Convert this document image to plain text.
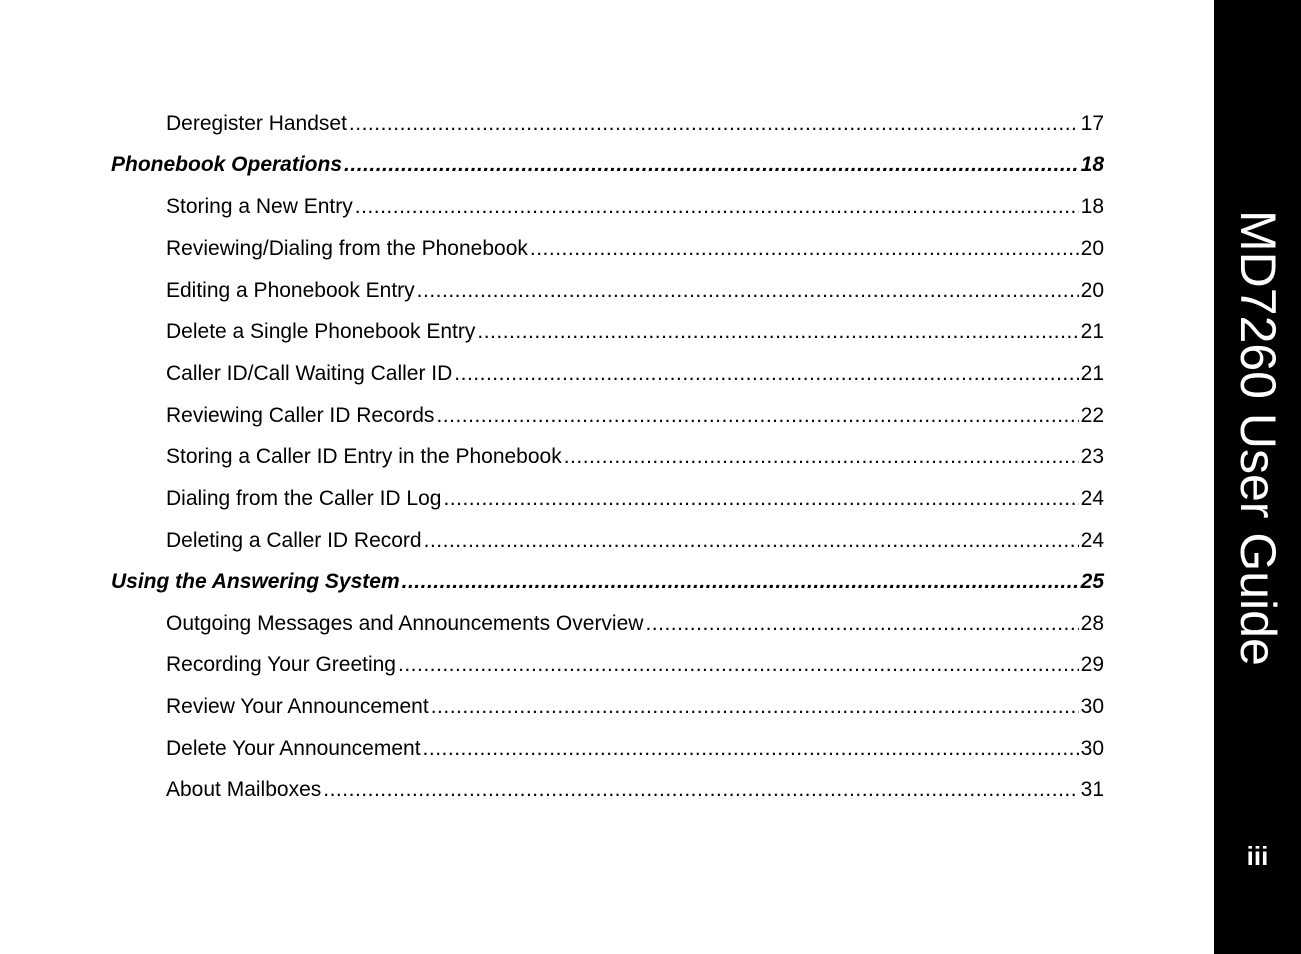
Deregister Handset .....	17
Phonebook Operations .....	18
Storing a New Entry .....	18
Reviewing/Dialing from the Phonebook .....	20
Editing a Phonebook Entry .....	20
Delete a Single Phonebook Entry .....	21
Caller ID/Call Waiting Caller ID .....	21
Reviewing Caller ID Records .....	22
Storing a Caller ID Entry in the Phonebook .....	23
Dialing from the Caller ID Log .....	24
Deleting a Caller ID Record .....	24
Using the Answering System .....	25
Outgoing Messages and Announcements Overview .....	28
Recording Your Greeting .....	29
Review Your Announcement .....	30
Delete Your Announcement .....	30
About Mailboxes .....	31
MD7260 User Guide
iii
